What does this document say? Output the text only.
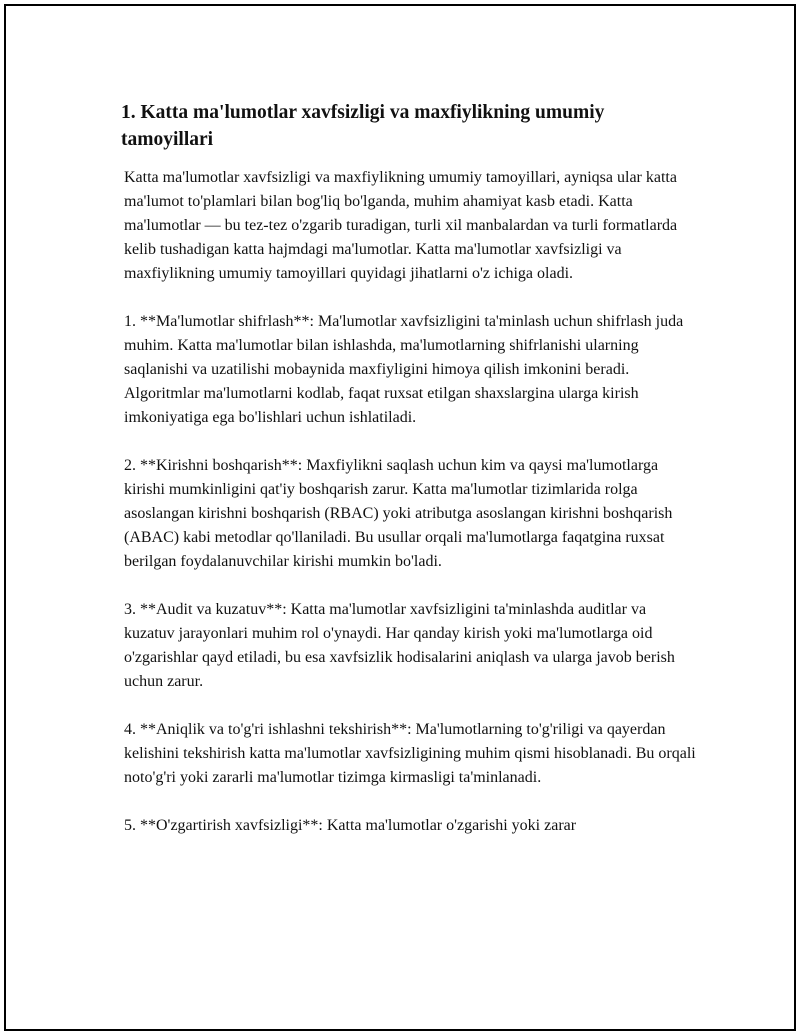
1. Katta ma'lumotlar xavfsizligi va maxfiylikning umumiy tamoyillari

Katta ma'lumotlar xavfsizligi va maxfiylikning umumiy tamoyillari, ayniqsa ular katta ma'lumot to'plamlari bilan bog'liq bo'lganda, muhim ahamiyat kasb etadi. Katta ma'lumotlar — bu tez-tez o'zgarib turadigan, turli xil manbalardan va turli formatlarda kelib tushadigan katta hajmdagi ma'lumotlar. Katta ma'lumotlar xavfsizligi va maxfiylikning umumiy tamoyillari quyidagi jihatlarni o'z ichiga oladi.

1. **Ma'lumotlar shifrlash**: Ma'lumotlar xavfsizligini ta'minlash uchun shifrlash juda muhim. Katta ma'lumotlar bilan ishlashda, ma'lumotlarning shifrlanishi ularning saqlanishi va uzatilishi mobaynida maxfiyligini himoya qilish imkonini beradi. Algoritmlar ma'lumotlarni kodlab, faqat ruxsat etilgan shaxslargina ularga kirish imkoniyatiga ega bo'lishlari uchun ishlatiladi.

2. **Kirishni boshqarish**: Maxfiylikni saqlash uchun kim va qaysi ma'lumotlarga kirishi mumkinligini qat'iy boshqarish zarur. Katta ma'lumotlar tizimlarida rolga asoslangan kirishni boshqarish (RBAC) yoki atributga asoslangan kirishni boshqarish (ABAC) kabi metodlar qo'llaniladi. Bu usullar orqali ma'lumotlarga faqatgina ruxsat berilgan foydalanuvchilar kirishi mumkin bo'ladi.

3. **Audit va kuzatuv**: Katta ma'lumotlar xavfsizligini ta'minlashda auditlar va kuzatuv jarayonlari muhim rol o'ynaydi. Har qanday kirish yoki ma'lumotlarga oid o'zgarishlar qayd etiladi, bu esa xavfsizlik hodisalarini aniqlash va ularga javob berish uchun zarur.

4. **Aniqlik va to'g'ri ishlashni tekshirish**: Ma'lumotlarning to'g'riligi va qayerdan kelishini tekshirish katta ma'lumotlar xavfsizligining muhim qismi hisoblanadi. Bu orqali noto'g'ri yoki zararli ma'lumotlar tizimga kirmasligi ta'minlanadi.

5. **O'zgartirish xavfsizligi**: Katta ma'lumotlar o'zgarishi yoki zarar
